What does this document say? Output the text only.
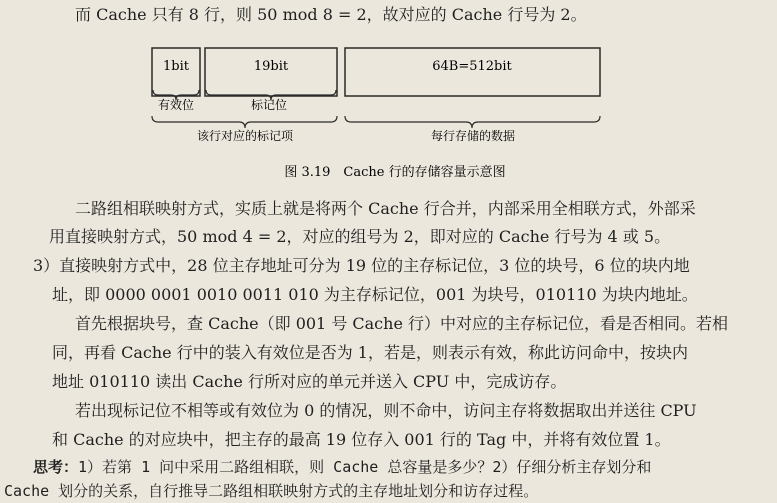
而 Cache 只有 8 行，则 50 mod 8 = 2，故对应的 Cache 行号为 2。
1bit	19bit	64B=512bit
有效位	标记位
该行对应的标记项	每行存储的数据
图 3.19　Cache 行的存储容量示意图
二路组相联映射方式，实质上就是将两个 Cache 行合并，内部采用全相联方式，外部采
用直接映射方式，50 mod 4 = 2，对应的组号为 2，即对应的 Cache 行号为 4 或 5。
3）直接映射方式中，28 位主存地址可分为 19 位的主存标记位，3 位的块号，6 位的块内地
址，即 0000 0001 0010 0011 010 为主存标记位，001 为块号，010110 为块内地址。
首先根据块号，查 Cache（即 001 号 Cache 行）中对应的主存标记位，看是否相同。若相
同，再看 Cache 行中的装入有效位是否为 1，若是，则表示有效，称此访问命中，按块内
地址 010110 读出 Cache 行所对应的单元并送入 CPU 中，完成访存。
若出现标记位不相等或有效位为 0 的情况，则不命中，访问主存将数据取出并送往 CPU
和 Cache 的对应块中，把主存的最高 19 位存入 001 行的 Tag 中，并将有效位置 1。
思考：1）若第 1 问中采用二路组相联，则 Cache 总容量是多少？2）仔细分析主存划分和
Cache 划分的关系，自行推导二路组相联映射方式的主存地址划分和访存过程。
